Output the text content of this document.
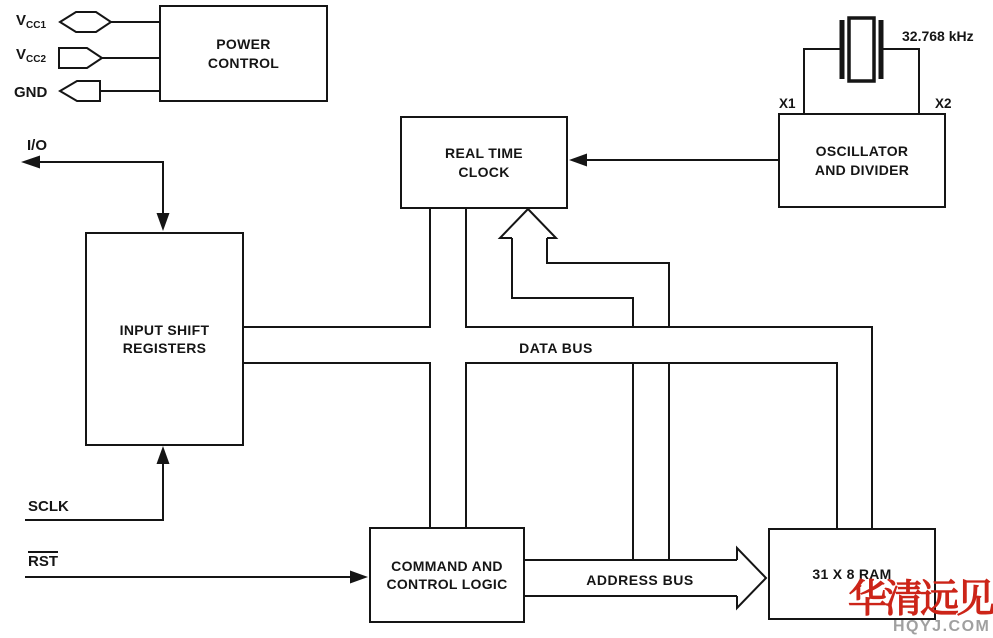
POWER
CONTROL
OSCILLATOR
AND DIVIDER
REAL TIME
CLOCK
INPUT SHIFT
REGISTERS
COMMAND AND
CONTROL LOGIC
31 X 8 RAM
$V_{CC1}$
$V_{CC2}$
GND
I/O
SCLK
RST
X1	X2
32.768 kHz
DATA BUS
ADDRESS BUS	华清远见
HQYJ.COM
